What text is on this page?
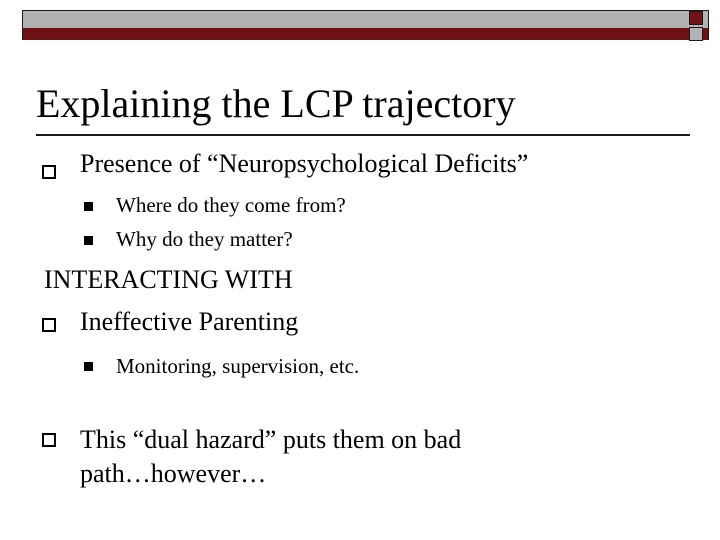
Explaining the LCP trajectory
Presence of “Neuropsychological Deficits”
Where do they come from?
Why do they matter?
INTERACTING WITH
Ineffective Parenting
Monitoring, supervision, etc.
This “dual hazard” puts them on bad
path…however…
